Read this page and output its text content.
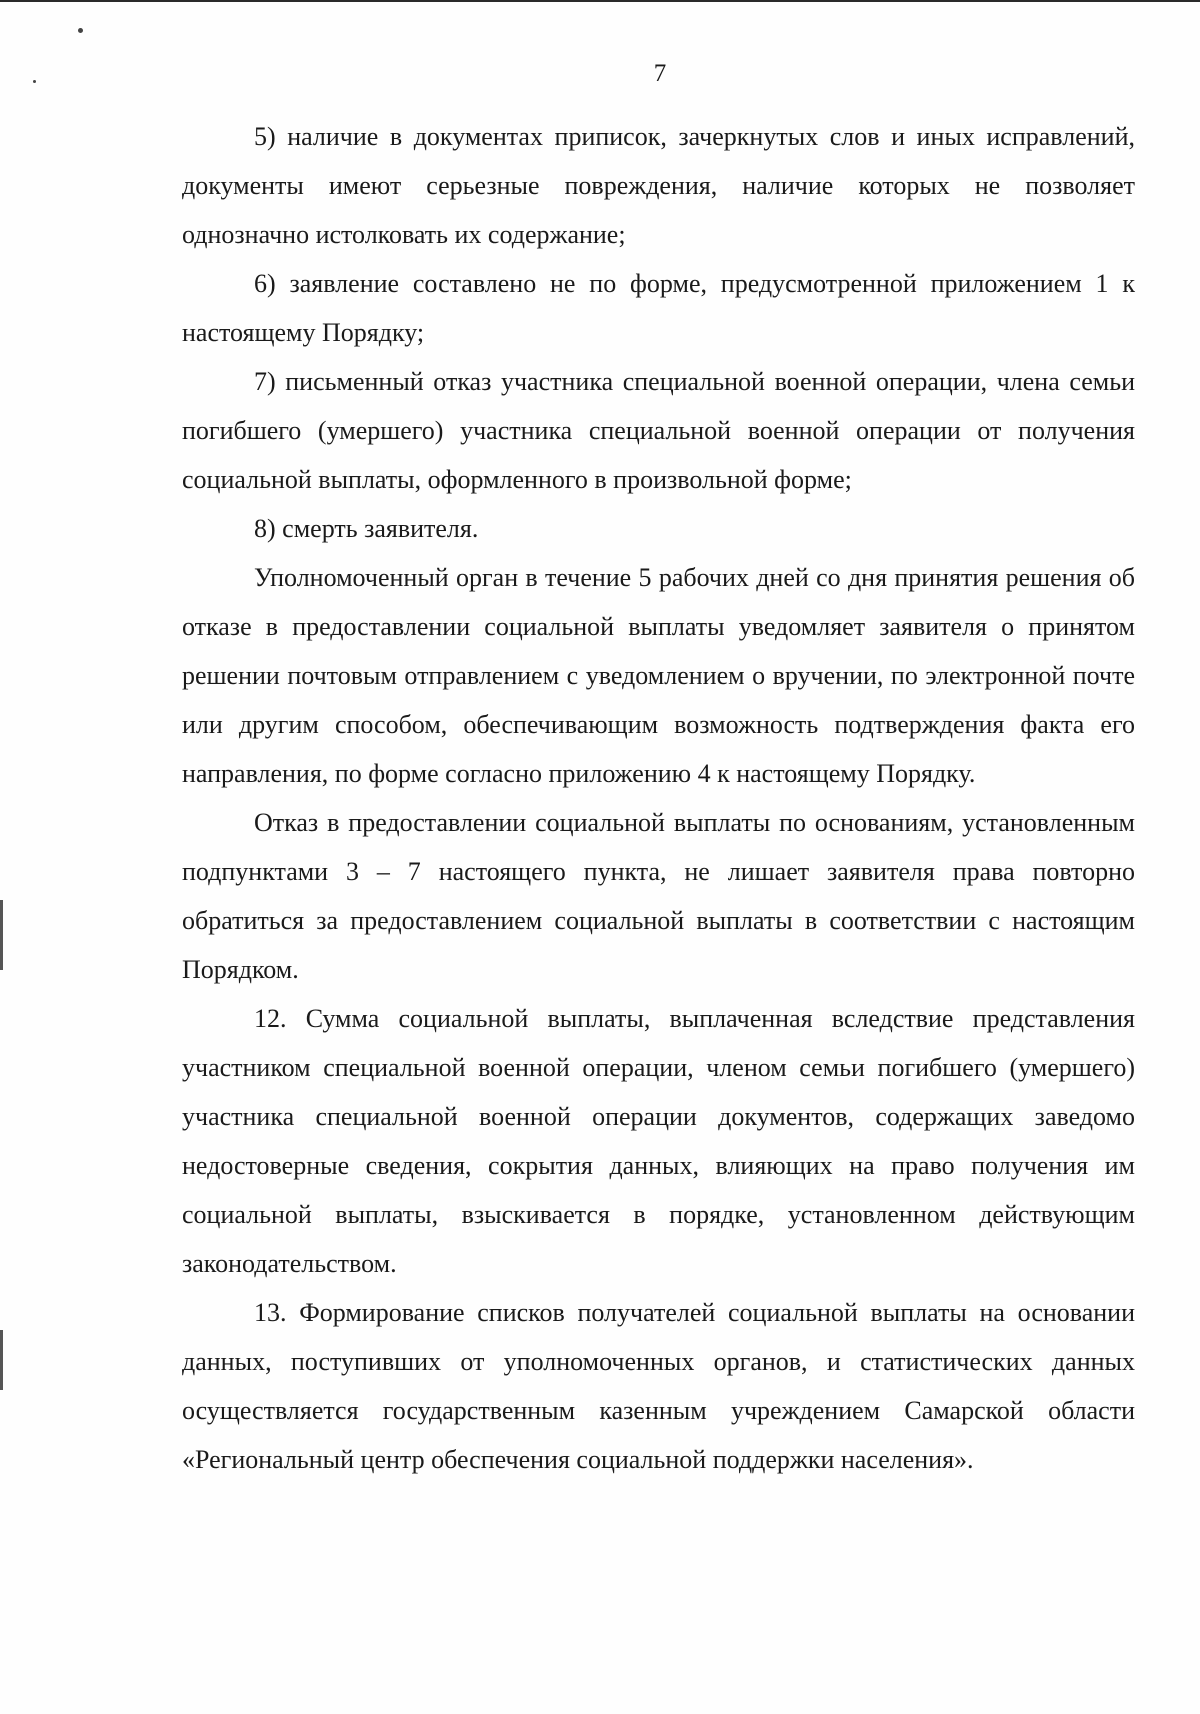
7

5) наличие в документах приписок, зачеркнутых слов и иных исправлений, документы имеют серьезные повреждения, наличие которых не позволяет однозначно истолковать их содержание;

6) заявление составлено не по форме, предусмотренной приложением 1 к настоящему Порядку;

7) письменный отказ участника специальной военной операции, члена семьи погибшего (умершего) участника специальной военной операции от получения социальной выплаты, оформленного в произвольной форме;

8) смерть заявителя.

Уполномоченный орган в течение 5 рабочих дней со дня принятия решения об отказе в предоставлении социальной выплаты уведомляет заявителя о принятом решении почтовым отправлением с уведомлением о вручении, по электронной почте или другим способом, обеспечивающим возможность подтверждения факта его направления, по форме согласно приложению 4 к настоящему Порядку.

Отказ в предоставлении социальной выплаты по основаниям, установленным подпунктами 3 – 7 настоящего пункта, не лишает заявителя права повторно обратиться за предоставлением социальной выплаты в соответствии с настоящим Порядком.

12. Сумма социальной выплаты, выплаченная вследствие представления участником специальной военной операции, членом семьи погибшего (умершего) участника специальной военной операции документов, содержащих заведомо недостоверные сведения, сокрытия данных, влияющих на право получения им социальной выплаты, взыскивается в порядке, установленном действующим законодательством.

13. Формирование списков получателей социальной выплаты на основании данных, поступивших от уполномоченных органов, и статистических данных осуществляется государственным казенным учреждением Самарской области «Региональный центр обеспечения социальной поддержки населения».
